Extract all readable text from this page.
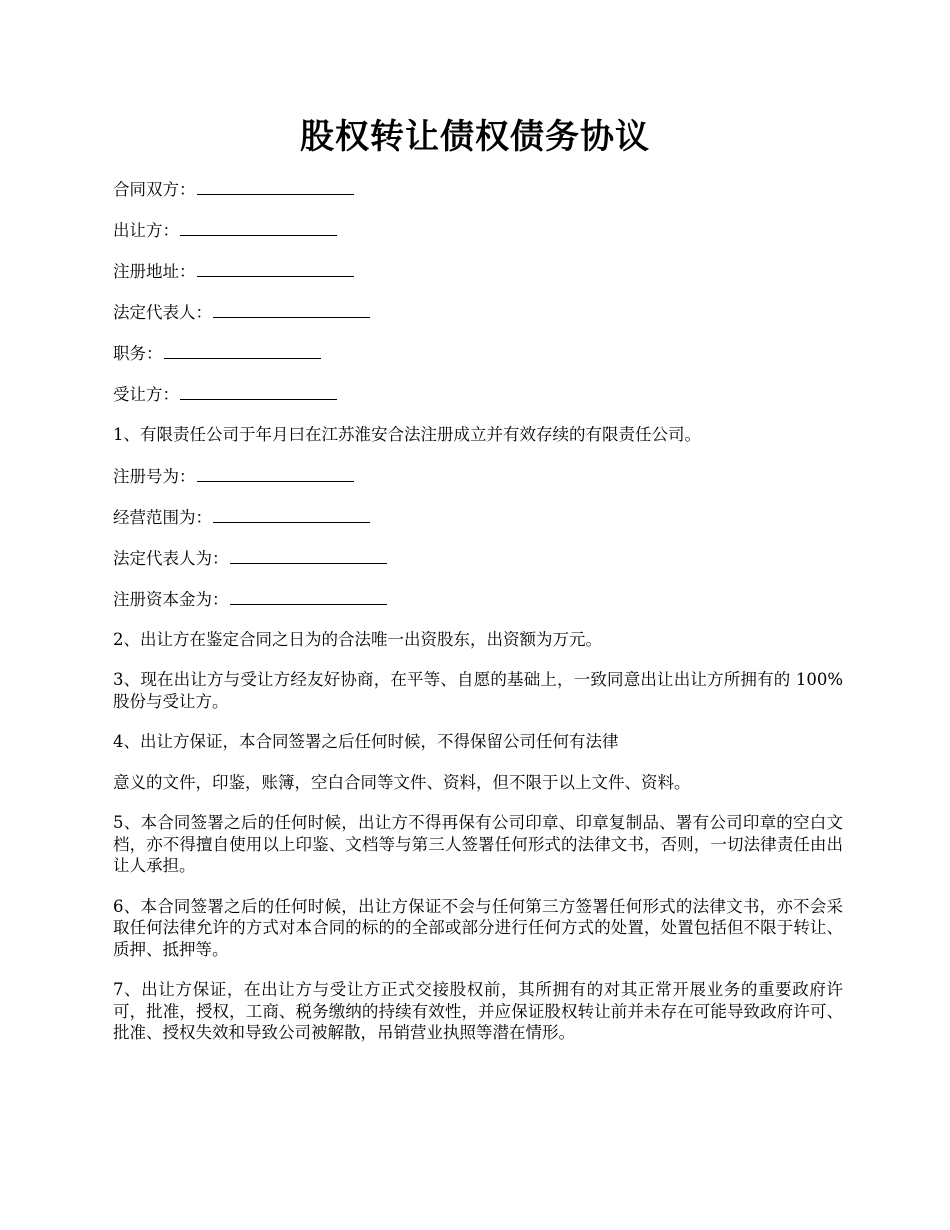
股权转让债权债务协议
合同双方：
出让方：
注册地址：
法定代表人：
职务：
受让方：

1、有限责任公司于年月曰在江苏淮安合法注册成立并有效存续的有限责任公司。

注册号为：
经营范围为：
法定代表人为：
注册资本金为：

2、出让方在鉴定合同之日为的合法唯一出资股东，出资额为万元。

3、现在出让方与受让方经友好协商，在平等、自愿的基础上，一致同意出让出让方所拥有的 100%股份与受让方。

4、出让方保证，本合同签署之后任何时候，不得保留公司任何有法律

意义的文件，印鉴，账簿，空白合同等文件、资料，但不限于以上文件、资料。

5、本合同签署之后的任何时候，出让方不得再保有公司印章、印章复制品、署有公司印章的空白文档，亦不得擅自使用以上印鉴、文档等与第三人签署任何形式的法律文书，否则，一切法律责任由出让人承担。

6、本合同签署之后的任何时候，出让方保证不会与任何第三方签署任何形式的法律文书，亦不会采取任何法律允许的方式对本合同的标的的全部或部分进行任何方式的处置，处置包括但不限于转让、质押、抵押等。

7、出让方保证，在出让方与受让方正式交接股权前，其所拥有的对其正常开展业务的重要政府许可，批准，授权，工商、税务缴纳的持续有效性，并应保证股权转让前并未存在可能导致政府许可、批准、授权失效和导致公司被解散，吊销营业执照等潜在情形。
